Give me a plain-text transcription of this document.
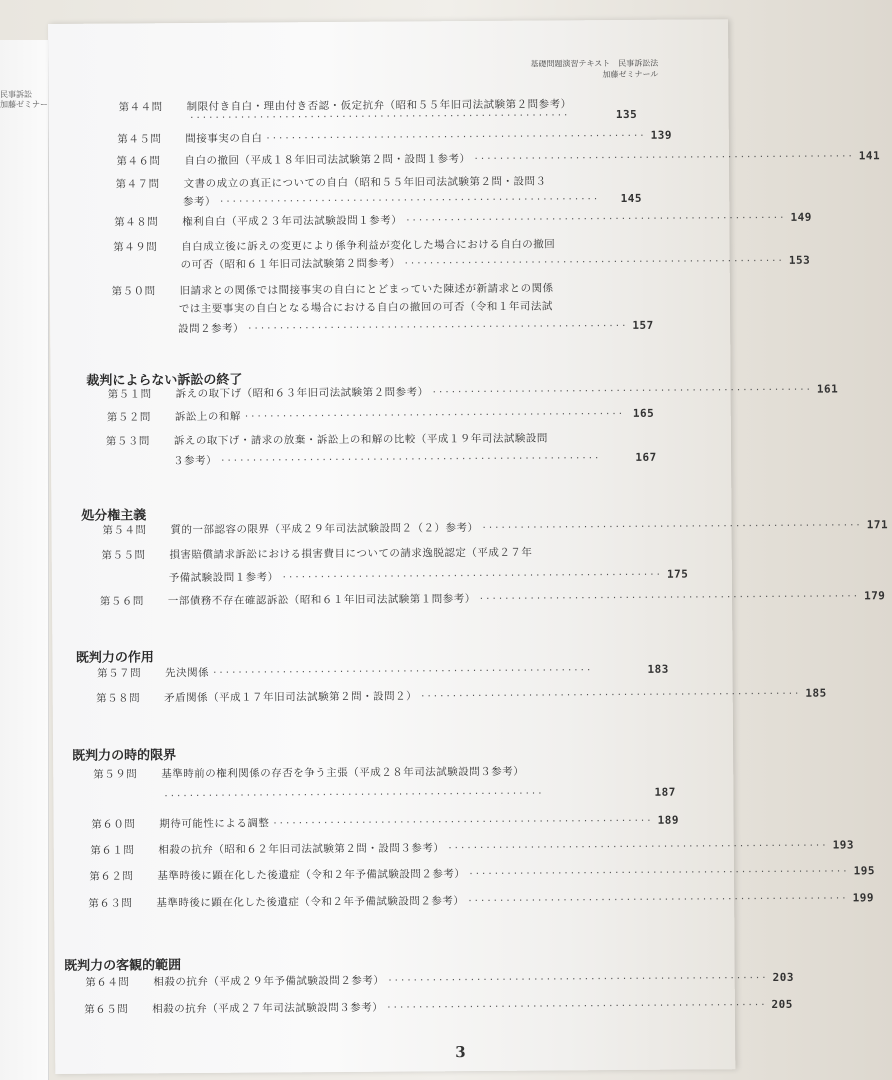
民事訴訟
加藤ゼミナー
基礎問題演習テキスト　民事訴訟法
加藤ゼミナール
第４４問	制限付き自白・理由付き否認・仮定抗弁（昭和５５年旧司法試験第２問参考）
····························································	135
第４５問	間接事実の自白 ···························································· 139
第４６問	自白の撤回（平成１８年旧司法試験第２問・設問１参考） ···························································· 141
第４７問	文書の成立の真正についての自白（昭和５５年旧司法試験第２問・設問３
参考） ····························································	145
第４８問	権利自白（平成２３年司法試験設問１参考） ···························································· 149
第４９問	自白成立後に訴えの変更により係争利益が変化した場合における自白の撤回
の可否（昭和６１年旧司法試験第２問参考） ···························································· 153
第５０問	旧請求との関係では間接事実の自白にとどまっていた陳述が新請求との関係
では主要事実の自白となる場合における自白の撤回の可否（令和１年司法試
設問２参考） ···························································· 157
裁判によらない訴訟の終了
第５１問	訴えの取下げ（昭和６３年旧司法試験第２問参考） ···························································· 161
第５２問	訴訟上の和解 ···························································· 165
第５３問	訴えの取下げ・請求の放棄・訴訟上の和解の比較（平成１９年司法試験設問
３参考） ····························································	167
処分権主義
第５４問	質的一部認容の限界（平成２９年司法試験設問２（２）参考） ···························································· 171
第５５問	損害賠償請求訴訟における損害費目についての請求逸脱認定（平成２７年
予備試験設問１参考） ···························································· 175
第５６問	一部債務不存在確認訴訟（昭和６１年旧司法試験第１問参考） ···························································· 179
既判力の作用
第５７問	先決関係 ····························································	183
第５８問	矛盾関係（平成１７年旧司法試験第２問・設問２） ···························································· 185
既判力の時的限界
第５９問	基準時前の権利関係の存否を争う主張（平成２８年司法試験設問３参考）
····························································	187
第６０問	期待可能性による調整 ···························································· 189
第６１問	相殺の抗弁（昭和６２年旧司法試験第２問・設問３参考） ···························································· 193
第６２問	基準時後に顕在化した後遺症（令和２年予備試験設問２参考） ···························································· 195
第６３問	基準時後に顕在化した後遺症（令和２年予備試験設問２参考） ···························································· 199
既判力の客観的範囲
第６４問	相殺の抗弁（平成２９年予備試験設問２参考） ···························································· 203
第６５問	相殺の抗弁（平成２７年司法試験設問３参考） ···························································· 205
3
